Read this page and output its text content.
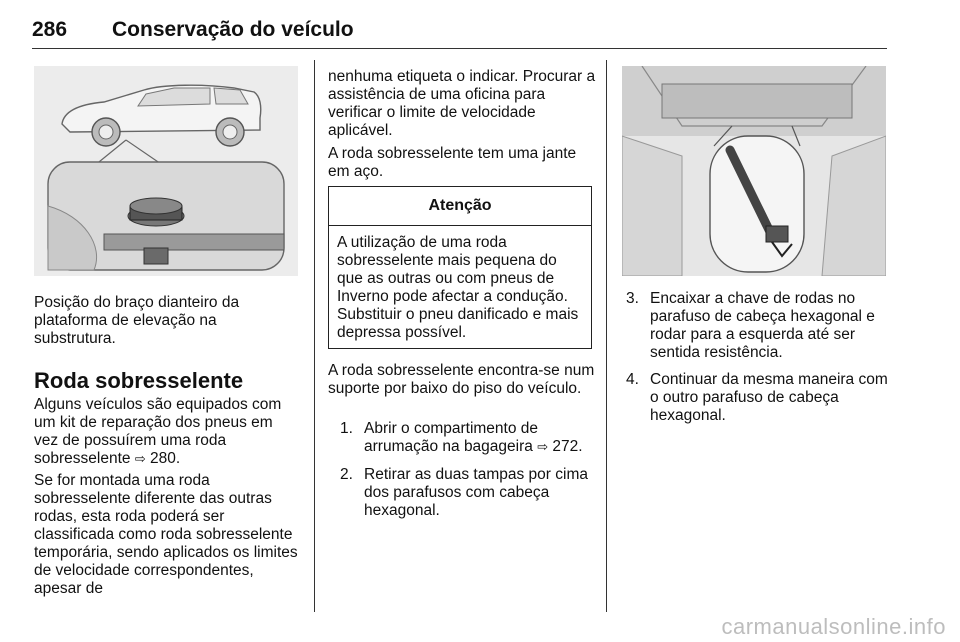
286 Conservação do veículo
Posição do braço dianteiro da plataforma de elevação na substrutura.
Roda sobresselente

Alguns veículos são equipados com um kit de reparação dos pneus em vez de possuírem uma roda sobresselente ⇨ 280.

Se for montada uma roda sobresselente diferente das outras rodas, esta roda poderá ser classificada como roda sobresselente temporária, sendo aplicados os limites de velocidade correspondentes, apesar de

nenhuma etiqueta o indicar. Procurar a assistência de uma oficina para verificar o limite de velocidade aplicável.

A roda sobresselente tem uma jante em aço.

Atenção
A utilização de uma roda sobresselente mais pequena do que as outras ou com pneus de Inverno pode afectar a condução. Substituir o pneu danificado e mais depressa possível.

A roda sobresselente encontra-se num suporte por baixo do piso do veículo.

1. Abrir o compartimento de arrumação na bagageira ⇨ 272.
2. Retirar as duas tampas por cima dos parafusos com cabeça hexagonal.
3. Encaixar a chave de rodas no parafuso de cabeça hexagonal e rodar para a esquerda até ser sentida resistência.
4. Continuar da mesma maneira com o outro parafuso de cabeça hexagonal.
carmanualsonline.info
